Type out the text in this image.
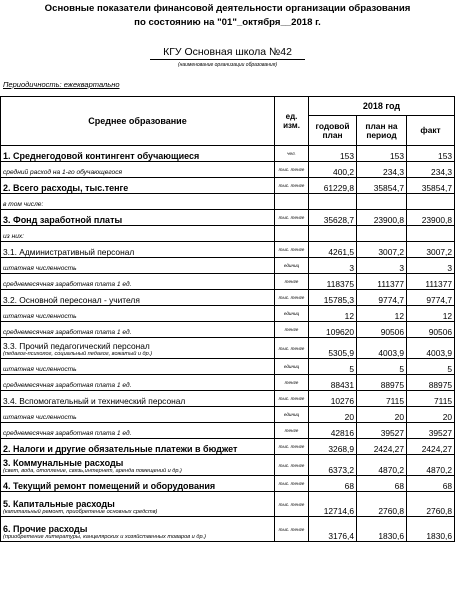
Основные показатели финансовой деятельности организации образования
по состоянию на "01"_октября__2018 г.
КГУ Основная школа №42
(наименование организации образования)
Периодичность: ежеквартально
Среднее образование	ед. изм.	2018 год		
		годовой план	план на период	факт

1. Среднегодовой контингент обучающиеся	чел.	153	153	153

средний расход на 1-го обучающегося	тыс. тенге	400,2	234,3	234,3

2. Всего расходы, тыс.тенге	тыс. тенге	61229,8	35854,7	35854,7

в том числе:				

3. Фонд заработной платы	тыс. тенге	35628,7	23900,8	23900,8

из них:				

3.1. Административный персонал	тыс. тенге	4261,5	3007,2	3007,2

штатная численность	единиц	3	3	3

среднемесячная заработная плата 1 ед.	тенге	118375	111377	111377

3.2. Основной пересонал - учителя	тыс. тенге	15785,3	9774,7	9774,7

штатная численность	единиц	12	12	12

среднемесячная заработная плата 1 ед.	тенге	109620	90506	90506

3.3. Прочий педагогический персонал
(педагог-психолог, социальный педагог, вожатый и др.)	тыс. тенге	5305,9	4003,9	4003,9

штатная численность	единиц	5	5	5

среднемесячная заработная плата 1 ед.	тенге	88431	88975	88975

3.4. Вспомогательный и технический персонал	тыс. тенге	10276	7115	7115

штатная численность	единиц	20	20	20

среднемесячная заработная плата 1 ед.	тенге	42816	39527	39527

2. Налоги и другие обязательные платежи в бюджет	тыс. тенге	3268,9	2424,27	2424,27

3. Коммунальные расходы
(свет, вода, отопление, связь,интернет, арендa помещений и др.)	тыс. тенге	6373,2	4870,2	4870,2

4. Текущий ремонт помещений и оборудования	тыс. тенге	68	68	68

5. Капитальные расходы
(капитальный ремонт, приобретение основных средств)	тыс. тенге	12714,6	2760,8	2760,8

6. Прочие расходы
(приобретение литературы, канцелярских и хозяйственных товаров и др.)	тыс. тенге	3176,4	1830,6	1830,6
